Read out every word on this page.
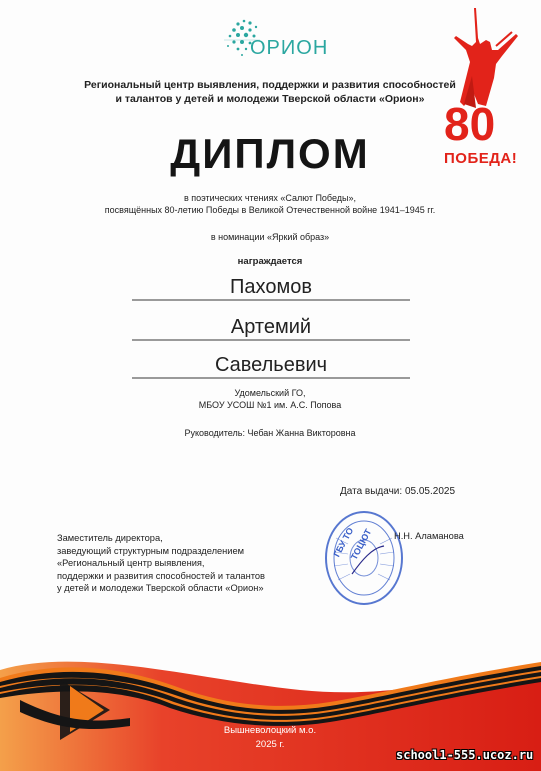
ОРИОН
Региональный центр выявления, поддержки и развития способностей
и талантов у детей и молодежи Тверской области «Орион» 80
ПОБЕДА!
ДИПЛОМ
в поэтических чтениях «Салют Победы»,
посвящённых 80-летию Победы в Великой Отечественной войне 1941–1945 гг.
в номинации «Яркий образ»
награждается
Пахомов
Артемий
Савельевич
Удомельский ГО,
МБОУ УСОШ №1 им. А.С. Попова
Руководитель: Чебан Жанна Викторовна
Дата выдачи: 05.05.2025
Заместитель директора,
заведующий структурным подразделением
«Региональный центр выявления,
поддержки и развития способностей и талантов
у детей и молодежи Тверской области «Орион»
ГБУ ТО
ТОЦЮТ Н.Н. Аламанова
Вышневолоцкий м.о.
2025 г.
school1-555.ucoz.ru
